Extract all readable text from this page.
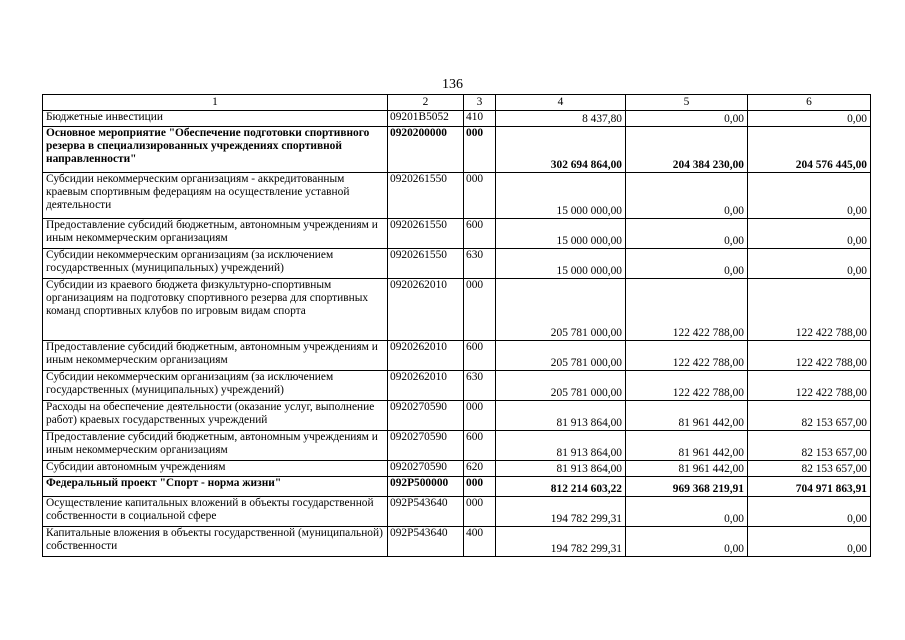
136
1	2	3	4	5	6
Бюджетные инвестиции	09201B5052	410	8 437,80	0,00	0,00
Основное мероприятие "Обеспечение подготовки спортивного резерва в специализированных учреждениях спортивной направленности"	0920200000	000	302 694 864,00	204 384 230,00	204 576 445,00
Субсидии некоммерческим организациям - аккредитованным краевым спортивным федерациям на осуществление уставной деятельности	0920261550	000	15 000 000,00	0,00	0,00
Предоставление субсидий бюджетным, автономным учреждениям и иным некоммерческим организациям	0920261550	600	15 000 000,00	0,00	0,00
Субсидии некоммерческим организациям (за исключением государственных (муниципальных) учреждений)	0920261550	630	15 000 000,00	0,00	0,00
Субсидии из краевого бюджета физкультурно-спортивным организациям на подготовку спортивного резерва для спортивных команд спортивных клубов по игровым видам спорта	0920262010	000	205 781 000,00	122 422 788,00	122 422 788,00
Предоставление субсидий бюджетным, автономным учреждениям и иным некоммерческим организациям	0920262010	600	205 781 000,00	122 422 788,00	122 422 788,00
Субсидии некоммерческим организациям (за исключением государственных (муниципальных) учреждений)	0920262010	630	205 781 000,00	122 422 788,00	122 422 788,00
Расходы на обеспечение деятельности (оказание услуг, выполнение работ) краевых государственных учреждений	0920270590	000	81 913 864,00	81 961 442,00	82 153 657,00
Предоставление субсидий бюджетным, автономным учреждениям и иным некоммерческим организациям	0920270590	600	81 913 864,00	81 961 442,00	82 153 657,00
Субсидии автономным учреждениям	0920270590	620	81 913 864,00	81 961 442,00	82 153 657,00
Федеральный проект "Спорт - норма жизни"	092P500000	000	812 214 603,22	969 368 219,91	704 971 863,91
Осуществление капитальных вложений в объекты государственной собственности в социальной сфере	092P543640	000	194 782 299,31	0,00	0,00
Капитальные вложения в объекты государственной (муниципальной) собственности	092P543640	400	194 782 299,31	0,00	0,00
